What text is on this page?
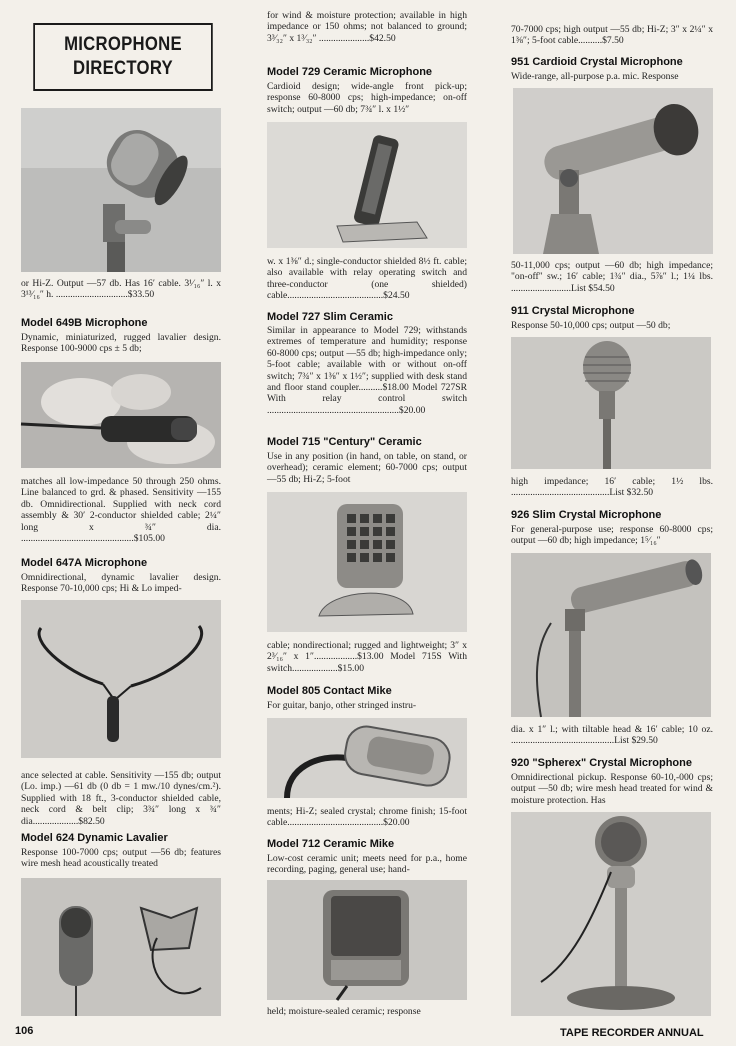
MICROPHONE
DIRECTORY
or Hi-Z. Output —57 db. Has 16′ cable. 3¹⁄₁₆″ l. x 3¹³⁄₁₆″ h. ..............................$33.50
Model 649B Microphone
Dynamic, miniaturized, rugged lavalier design. Response 100-9000 cps ± 5 db;
matches all low-impedance 50 through 250 ohms. Line balanced to grd. & phased. Sensitivity —155 db. Omnidirectional. Supplied with neck cord assembly & 30′ 2-conductor shielded cable; 2¼″ long x ¾″ dia. ...............................................$105.00
Model 647A Microphone
Omnidirectional, dynamic lavalier design. Response 70-10,000 cps; Hi & Lo imped-
ance selected at cable. Sensitivity —155 db; output (Lo. imp.) —61 db (0 db = 1 mw./10 dynes/cm.²). Supplied with 18 ft., 3-conductor shielded cable, neck cord & belt clip; 3¾″ long x ¾″ dia...................$82.50
Model 624 Dynamic Lavalier
Response 100-7000 cps; output —56 db; features wire mesh head acoustically treated
for wind & moisture protection; available in high impedance or 150 ohms; not balanced to ground; 3³⁄₃₂″ x 1³⁄₃₂″ .....................$42.50
Model 729 Ceramic Microphone
Cardioid design; wide-angle front pick-up; response 60-8000 cps; high-impedance; on-off switch; output —60 db; 7¾″ l. x 1½″
w. x 1⅜″ d.; single-conductor shielded 8½ ft. cable; also available with relay operating switch and three-conductor (one shielded) cable........................................$24.50
Model 727 Slim Ceramic
Similar in appearance to Model 729; withstands extremes of temperature and humidity; response 60-8000 cps; output —55 db; high-impedance only; 5-foot cable; available with or without on-off switch; 7¾″ x 1⅜″ x 1½″; supplied with desk stand and floor stand coupler..........$18.00 Model 727SR With relay control switch .......................................................$20.00
Model 715 "Century" Ceramic
Use in any position (in hand, on table, on stand, or overhead); ceramic element; 60-7000 cps; output —55 db; Hi-Z; 5-foot
cable; nondirectional; rugged and lightweight; 3″ x 2³⁄₁₆″ x 1″..................$13.00 Model 715S With switch...................$15.00
Model 805 Contact Mike
For guitar, banjo, other stringed instru-
ments; Hi-Z; sealed crystal; chrome finish; 15-foot cable........................................$20.00
Model 712 Ceramic Mike
Low-cost ceramic unit; meets need for p.a., home recording, paging, general use; hand-
held; moisture-sealed ceramic; response
70-7000 cps; high output —55 db; Hi-Z; 3″ x 2¼″ x 1⅜″; 5-foot cable..........$7.50
951 Cardioid Crystal Microphone
Wide-range, all-purpose p.a. mic. Response
50-11,000 cps; output —60 db; high impedance; "on-off" sw.; 16′ cable; 1¾″ dia., 5⅞″ l.; 1¼ lbs. .........................List $54.50
911 Crystal Microphone
Response 50-10,000 cps; output —50 db;
high impedance; 16′ cable; 1½ lbs. .........................................List $32.50
926 Slim Crystal Microphone
For general-purpose use; response 60-8000 cps; output —60 db; high impedance; 1⁵⁄₁₆″
dia. x 1″ l.; with tiltable head & 16′ cable; 10 oz. ...........................................List $29.50
920 "Spherex" Crystal Microphone
Omnidirectional pickup. Response 60-10,-000 cps; output —50 db; wire mesh head treated for wind & moisture protection. Has
106	TAPE RECORDER ANNUAL
